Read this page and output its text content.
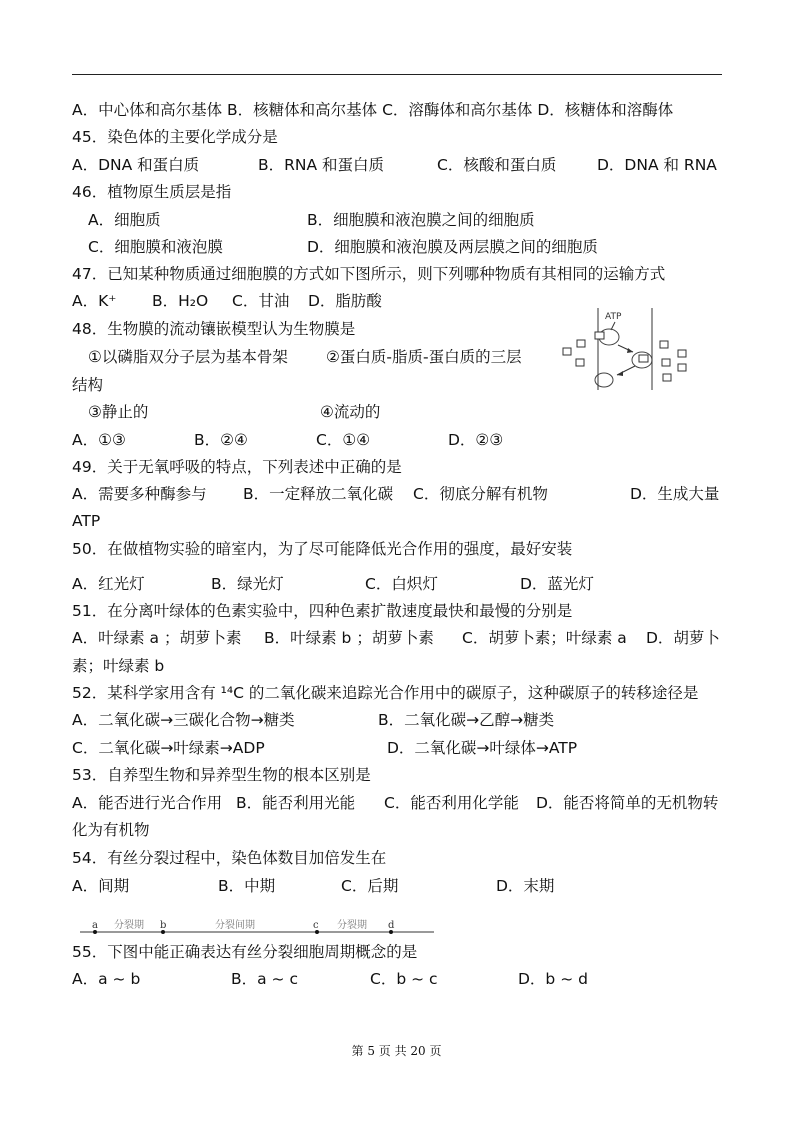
A．中心体和高尔基体 B．核糖体和高尔基体 C．溶酶体和高尔基体 D．核糖体和溶酶体
45．染色体的主要化学成分是
A．DNA 和蛋白质	B．RNA 和蛋白质	C．核酸和蛋白质	D．DNA 和 RNA
46．植物原生质层是指
A．细胞质	B．细胞膜和液泡膜之间的细胞质
C．细胞膜和液泡膜	D．细胞膜和液泡膜及两层膜之间的细胞质
47．已知某种物质通过细胞膜的方式如下图所示，则下列哪种物质有其相同的运输方式
A．K⁺ B．H₂O C．甘油 D．脂肪酸
ATP
48．生物膜的流动镶嵌模型认为生物膜是
①以磷脂双分子层为基本骨架 ②蛋白质-脂质-蛋白质的三层
结构
③静止的	④流动的
A．①③	B．②④	C．①④	D．②③
49．关于无氧呼吸的特点，下列表述中正确的是
A．需要多种酶参与 B．一定释放二氧化碳 C．彻底分解有机物	D．生成大量
ATP
50．在做植物实验的暗室内，为了尽可能降低光合作用的强度，最好安装
A．红光灯	B．绿光灯	C．白炽灯	D．蓝光灯
51．在分离叶绿体的色素实验中，四种色素扩散速度最快和最慢的分别是
A．叶绿素 a ；胡萝卜素 B．叶绿素 b ；胡萝卜素 C．胡萝卜素；叶绿素 a D．胡萝卜
素；叶绿素 b
52．某科学家用含有 ¹⁴C 的二氧化碳来追踪光合作用中的碳原子，这种碳原子的转移途径是
A．二氧化碳→三碳化合物→糖类	B．二氧化碳→乙醇→糖类
C．二氧化碳→叶绿素→ADP	D．二氧化碳→叶绿体→ATP
53．自养型生物和异养型生物的根本区别是
A．能否进行光合作用 B．能否利用光能 C．能否利用化学能 D．能否将简单的无机物转
化为有机物
54．有丝分裂过程中，染色体数目加倍发生在
A．间期	B．中期	C．后期	D．末期
a	b	c	d
分裂期	分裂间期	分裂期
55．下图中能正确表达有丝分裂细胞周期概念的是
A．a ~ b	B．a ~ c	C．b ~ c	D．b ~ d
第 5 页 共 20 页
